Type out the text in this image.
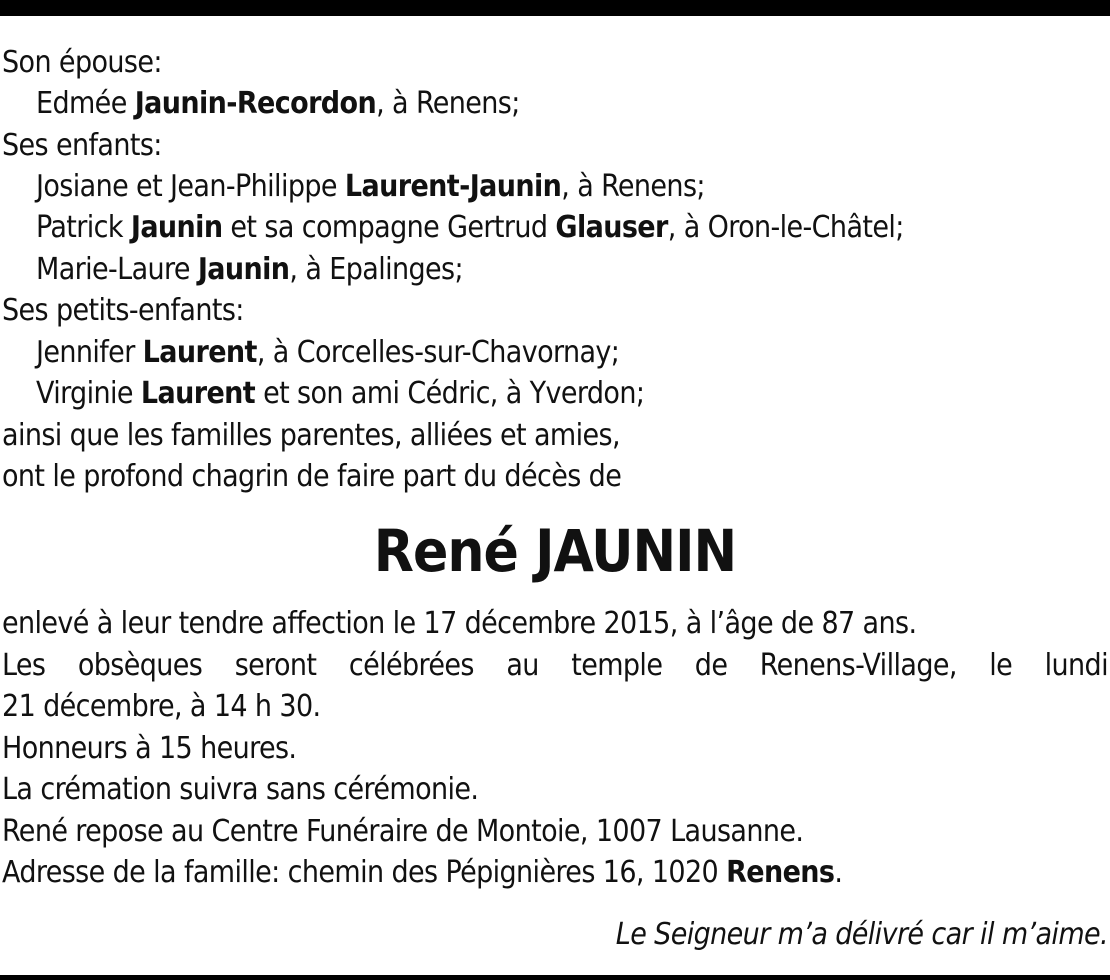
Son épouse:
Edmée Jaunin-Recordon, à Renens;
Ses enfants:
Josiane et Jean-Philippe Laurent-Jaunin, à Renens;
Patrick Jaunin et sa compagne Gertrud Glauser, à Oron-le-Châtel;
Marie-Laure Jaunin, à Epalinges;
Ses petits-enfants:
Jennifer Laurent, à Corcelles-sur-Chavornay;
Virginie Laurent et son ami Cédric, à Yverdon;
ainsi que les familles parentes, alliées et amies,
ont le profond chagrin de faire part du décès de
René JAUNIN
enlevé à leur tendre affection le 17 décembre 2015, à l’âge de 87 ans.
Les obsèques seront célébrées au temple de Renens-Village, le lundi
21 décembre, à 14 h 30.
Honneurs à 15 heures.
La crémation suivra sans cérémonie.
René repose au Centre Funéraire de Montoie, 1007 Lausanne.
Adresse de la famille: chemin des Pépignières 16, 1020 Renens.
Le Seigneur m’a délivré car il m’aime.
